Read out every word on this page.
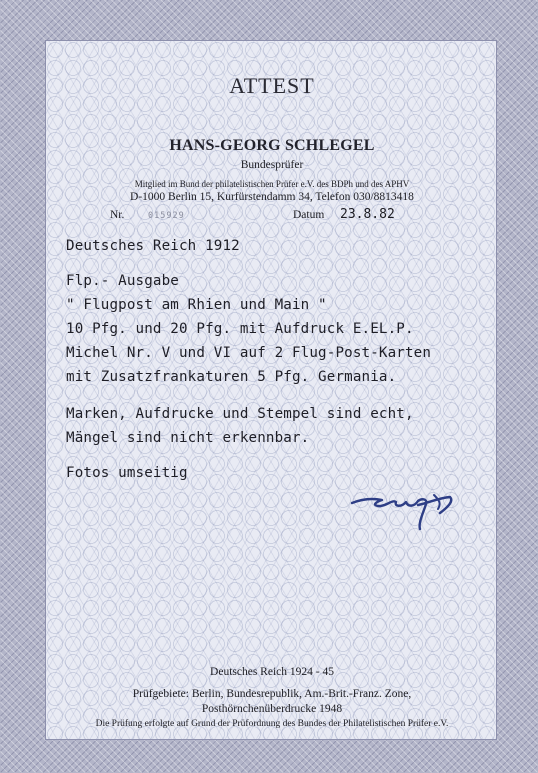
ATTEST
HANS-GEORG SCHLEGEL
Bundesprüfer
Mitglied im Bund der philatelistischen Prüfer e.V. des BDPh und des APHV
D-1000 Berlin 15, Kurfürstendamm 34, Telefon 030/8813418
Nr.	015929	Datum 23.8.82
Deutsches Reich 1912
Flp.- Ausgabe
" Flugpost am Rhien und Main "
10 Pfg. und 20 Pfg. mit Aufdruck E.EL.P.
Michel Nr. V und VI auf 2 Flug-Post-Karten
mit Zusatzfrankaturen 5 Pfg. Germania.
Marken, Aufdrucke und Stempel sind echt,
Mängel sind nicht erkennbar.
Fotos umseitig
Deutsches Reich 1924 - 45
Prüfgebiete: Berlin, Bundesrepublik, Am.-Brit.-Franz. Zone,
Posthörnchenüberdrucke 1948
Die Prüfung erfolgte auf Grund der Prüfordnung des Bundes der Philatelistischen Prüfer e.V.
